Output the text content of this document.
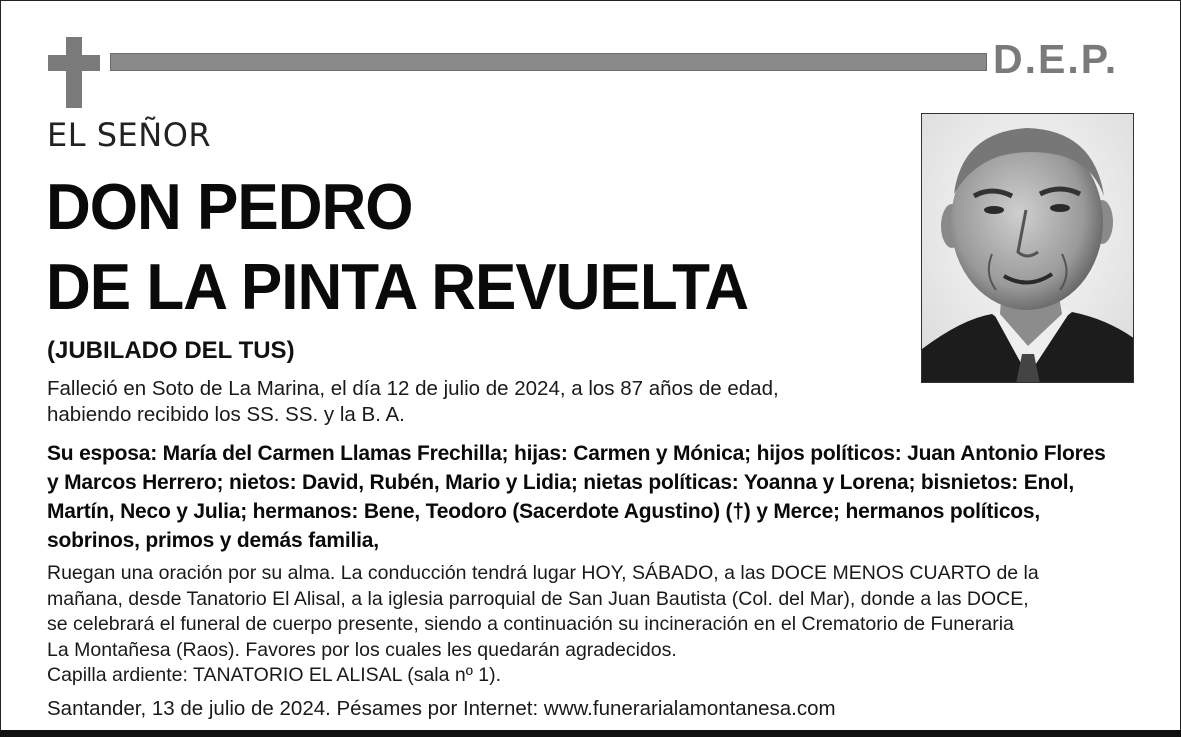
D.E.P.
EL SEÑOR
DON PEDRO
DE LA PINTA REVUELTA
(JUBILADO DEL TUS)
Falleció en Soto de La Marina, el día 12 de julio de 2024, a los 87 años de edad,
habiendo recibido los SS. SS. y la B. A.
Su esposa: María del Carmen Llamas Frechilla; hijas: Carmen y Mónica; hijos políticos: Juan Antonio Flores
y Marcos Herrero; nietos: David, Rubén, Mario y Lidia; nietas políticas: Yoanna y Lorena; bisnietos: Enol,
Martín, Neco y Julia; hermanos: Bene, Teodoro (Sacerdote Agustino) (†) y Merce; hermanos políticos,
sobrinos, primos y demás familia,
Ruegan una oración por su alma. La conducción tendrá lugar HOY, SÁBADO, a las DOCE MENOS CUARTO de la
mañana, desde Tanatorio El Alisal, a la iglesia parroquial de San Juan Bautista (Col. del Mar), donde a las DOCE,
se celebrará el funeral de cuerpo presente, siendo a continuación su incineración en el Crematorio de Funeraria
La Montañesa (Raos). Favores por los cuales les quedarán agradecidos.
Capilla ardiente: TANATORIO EL ALISAL (sala nº 1).
Santander, 13 de julio de 2024. Pésames por Internet: www.funerarialamontanesa.com
